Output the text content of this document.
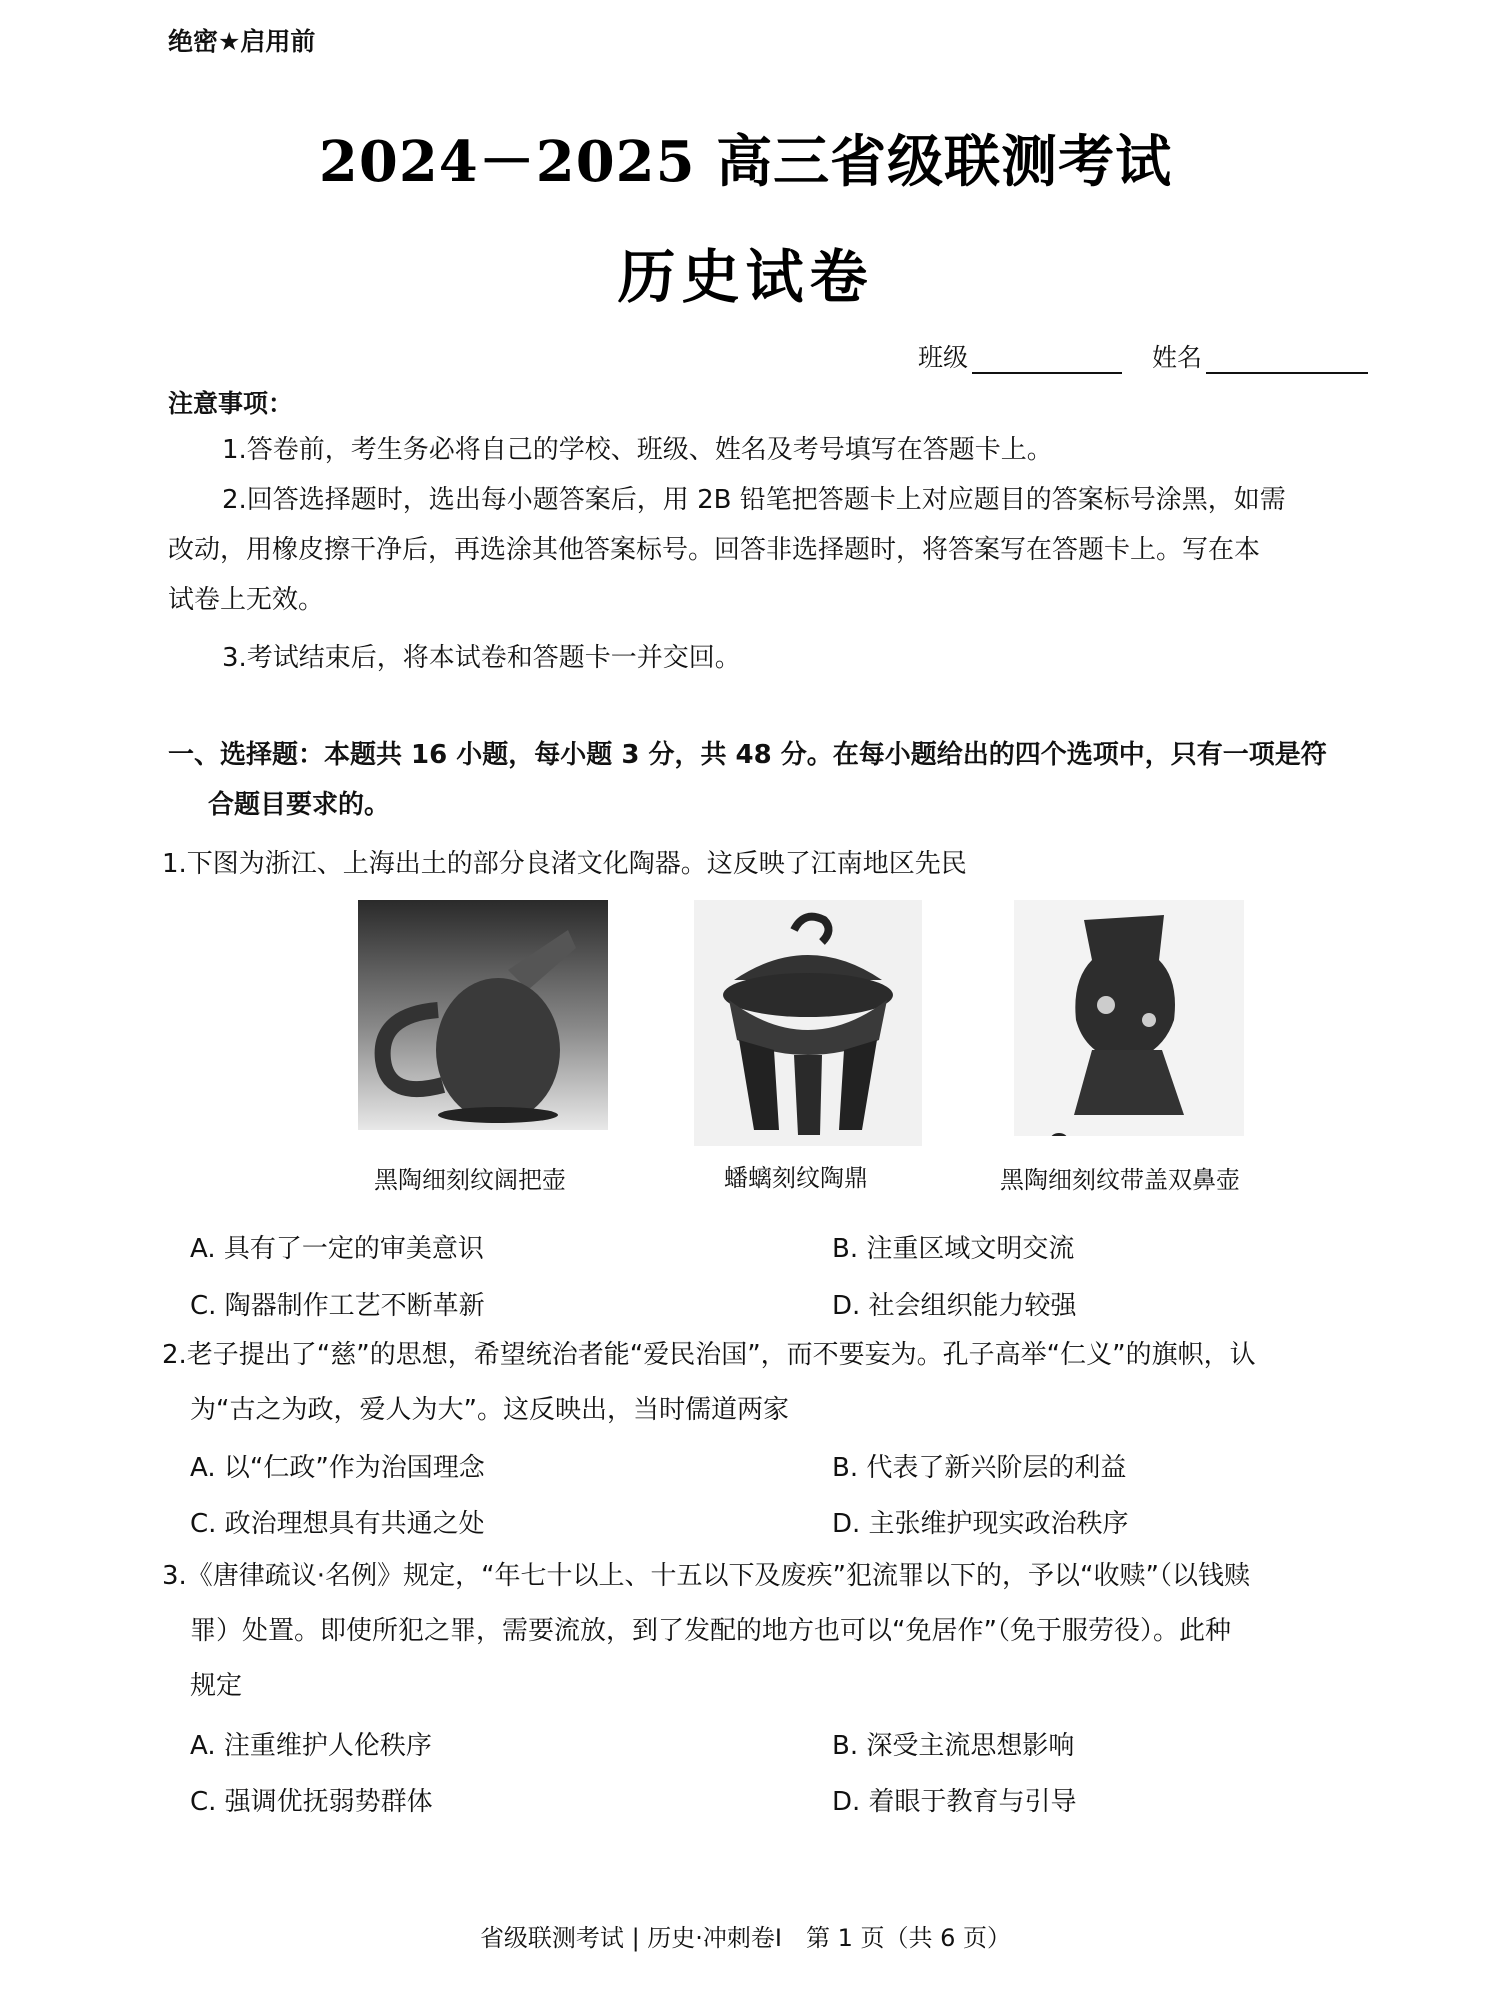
绝密★启用前
2024－2025 高三省级联测考试
历史试卷
班级	姓名
注意事项：
1.答卷前，考生务必将自己的学校、班级、姓名及考号填写在答题卡上。
2.回答选择题时，选出每小题答案后，用 2B 铅笔把答题卡上对应题目的答案标号涂黑，如需
改动，用橡皮擦干净后，再选涂其他答案标号。回答非选择题时，将答案写在答题卡上。写在本
试卷上无效。
3.考试结束后，将本试卷和答题卡一并交回。
一、选择题：本题共 16 小题，每小题 3 分，共 48 分。在每小题给出的四个选项中，只有一项是符
合题目要求的。
1.下图为浙江、上海出土的部分良渚文化陶器。这反映了江南地区先民
黑陶细刻纹阔把壶	蟠螭刻纹陶鼎	黑陶细刻纹带盖双鼻壶
A. 具有了一定的审美意识	B. 注重区域文明交流
C. 陶器制作工艺不断革新	D. 社会组织能力较强
2.老子提出了“慈”的思想，希望统治者能“爱民治国”，而不要妄为。孔子高举“仁义”的旗帜，认
为“古之为政，爱人为大”。这反映出，当时儒道两家
A. 以“仁政”作为治国理念	B. 代表了新兴阶层的利益
C. 政治理想具有共通之处	D. 主张维护现实政治秩序
3.《唐律疏议·名例》规定，“年七十以上、十五以下及废疾”犯流罪以下的，予以“收赎”（以钱赎
罪）处置。即使所犯之罪，需要流放，到了发配的地方也可以“免居作”（免于服劳役）。此种
规定
A. 注重维护人伦秩序	B. 深受主流思想影响
C. 强调优抚弱势群体	D. 着眼于教育与引导
省级联测考试 | 历史·冲刺卷Ⅰ　第 1 页（共 6 页）
